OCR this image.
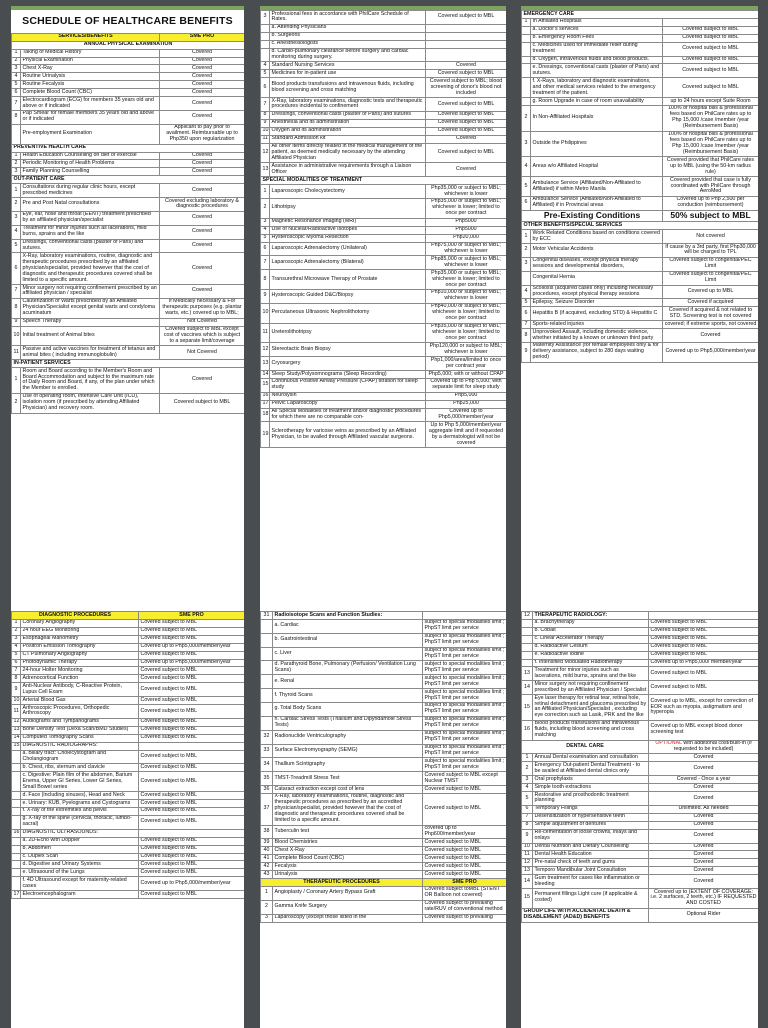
SCHEDULE OF HEALTHCARE BENEFITS
SERVICES/BENEFITS		SME PRO
ANNUAL PHYSICAL EXAMINATION		
1	Taking of Medical History	Covered
2	Physical Examination	Covered
3	Chest X-Ray	Covered
4	Routine Urinalysis	Covered
5	Routine Fecalysis	Covered
6	Complete Blood Count (CBC)	Covered
7	Electrocardiogram (ECG) for members 35 years old and above or if indicated	Covered
8	Pap Smear for female members 35 years old and above or if indicated	Covered
	Pre-employment Examination	Applicant to pay prior to availment. Reimbursable up to Php350 upon regularization
PREVENTIVE HEALTH CARE		
1	Health Education Counselling on diet or exercise	Covered
2	Periodic Monitoring of Health Problems	Covered
3	Family Planning Counselling	Covered
OUT-PATIENT CARE		
1	Consultations during regular clinic hours, except prescribed medicines	Covered
2	Pre and Post Natal consultations	Covered excluding laboratory & diagnostic procedures
3	Eye, ear, nose and throat (EENT) treatment prescribed by an affiliated physician/specialist	Covered
4	Treatment for minor injuries such as lacerations, mild burns, sprains and the like	Covered
5	Dressings, conventional casts (plaster of Paris) and sutures.	Covered
6	X-Ray, laboratory examinations, routine, diagnostic and therapeutic procedures prescribed by an affiliated physician/specialist, provided however that the cost of diagnostic and therapeutic procedures covered shall be limited to a specific amount.	Covered
7	Minor surgery not requiring confinement prescribed by an affiliated physician / specialist	Covered
8	Cauterization of Warts prescribed by an Affiliated Physician/Specialist except genital warts and condyloma acuminatum	If Medically necessary & For therapeutic purposes (e.g. plantar warts, etc.) covered up to MBL;
9	Speech Therapy	Not Covered
10	Initial treatment of Animal bites	Covered subject to MBL except cost of vaccines which is subject to a separate limit/coverage
11	Passive and active vaccines for treatment of tetanus and animal bites ( including immunoglobulin)	Not Covered
IN-PATIENT SERVICES		
1	Room and Board according to the Member's Room and Board Accommodation and subject to the maximum rate of Daily Room and Board, if any, of the plan under which the Member is enrolled.	Covered
2	Use of operating room, Intensive Care Unit (ICU), isolation room (if prescribed by attending Affiliated Physician) and recovery room.	Covered subject to MBL
3	Professional fees in accordance with PhilCare Schedule of Rates.	Covered subject to MBL
	a. Attending Physicians	
	b. Surgeons	
	c. Anesthesiologists	
	d. Cardio-pulmonary clearance before surgery and cardiac monitoring during surgery.	
4	Standard Nursing Services	Covered
5	Medicines for in-patient use	Covered subject to MBL
6	Blood products transfusions and intravenous fluids, including blood screening and cross matching	Covered subject to MBL; blood screening of donor's blood not included
7	X-Ray, laboratory examinations, diagnostic tests and therapeutic procedures incidental to confinement	Covered subject to MBL
8	Dressings, conventional casts (plaster of Paris) and sutures	Covered subject to MBL
9	Anesthesia and its administration	Covered subject to MBL
10	Oxygen and its administration	Covered subject to MBL
11	Standard Admission kit	Covered
12	All other items directly related in the medical management of the patient, as deemed medically necessary by the attending Affiliated Physician	Covered subject to MBL
13	Assistance in administrative requirements through a Liaison Officer	Covered
SPECIAL MODALITIES OF TREATMENT		
1	Laparoscopic Cholecystectomy	Php35,000 or subject to MBL; whichever is lower
2	Lithotripsy	Php35,000 or subject to MBL; whichever is lower; limited to once per contract
3	Magnetic Resonance Imaging (MRI)	Php5000
4	Use of Nuclear/Radioactive Isotopes	Php5000
5	Hysteroscopic Myoma Resection	Php20,000
6	Laparoscopic Adrenalectomy (Unilateral)	Php75,000 or subject to MBL; whichever is lower
7	Laparoscopic Adrenalectomy (Bilateral)	Php85,000 or subject to MBL; whichever is lower
8	Transurethral Microwave Therapy of Prostate	Php35,000 or subject to MBL; whichever is lower; limited to once per contract
9	Hysteroscopic Guided D&C/Biopsy	Php10,000 or subject to MBL; whichever is lower
10	Percutaneous Ultrasonic Nephrolithotomy	Php40,000 or subject to MBL; whichever is lower; limited to once per contract
11	Ureterolithotripsy	Php35,000 or subject to MBL; whichever is lower; limited to once per contract
12	Stereotactic Brain Biopsy	Php120,000 or subject to MBL; whichever is lower
13	Cryosurgery	Php1,000/area/limited to once per contract year
14	Sleep Study/Polysomnograms (Sleep Recording)	Php5,000; with or without CPAP
15	Continuous Positive Airway Pressure (CPAP) titration for sleep study	Covered up to Php 5,000; with separate limit for sleep study
16	Neurolysin	Php5,000
17	Pelvic Laparoscopy	Php25,000
18	All Special Modalities of treatment and/or diagnostic procedures for which there are no comparable con-	Covered up to Php5,000/member/year
19	Sclerotherapy for varicose veins as prescribed by an Affiliated Physician, to be availed through Affiliated vascular surgeons.	Up to Php 5,000/member/year aggregate limit and if requested by a dermatologist will not be covered
EMERGENCY CARE		
1	In Affiliated Hospitals	
	a. Doctor's services	Covered subject to MBL
	b. Emergency Room Fees	Covered subject to MBL
	c. Medicines used for immediate relief during treatment	Covered subject to MBL
	d. Oxygen, Intravenous fluids and blood products.	Covered subject to MBL
	e. Dressings, conventional casts (plaster of Paris) and sutures.	Covered subject to MBL
	f. X-Rays, laboratory and diagnostic examinations, and other medical services related to the emergency treatment of the patient.	Covered subject to MBL
	g. Room Upgrade in case of room unavailability	up to 24 hours except Suite Room
2	In Non-Affiliated Hospitals	100% of hospital bills & professional fees based on PhilCare rates up to Php 15,000 /case /member /year (Reimbursement Basis)
3	Outside the Philippines	100% of hospital bills & professional fees based on PhilCare rates up to Php 15,000 /case /member /year (Reimbursement Basis)
4	Areas w/o Affiliated Hospital	Covered provided that PhilCare rates up to MBL (using the 50-km radius rule)
5	Ambulance Service (Affiliated/Non-Affiliated to Affiliated) if within Metro Manila	Covered provided that case is fully coordinated with PhilCare through AeroMed
6	Ambulance Service (Affiliated/Non-Affiliated to Affiliated) if in Provincial areas	Covered up to Php 2,500 per conduction (reimbursement)
Pre-Existing Conditions		50% subject to MBL
OTHER BENEFITS/SPECIAL SERVICES		
1	Work Related Conditions based on conditions covered by ECC	Not covered
2	Motor Vehicular Accidents	If cause by a 3rd party, first Php30,000 will be charged to TPL
3	Congenital diseases, except physical therapy sessions and developmental disorders,	Covered subject to congenital/PEC Limit
	Congenital Hernia	Covered subject to congenital/PEC Limit
4	Scoliosis (acquired cases only) including necessary procedures, except physical therapy sessions	Covered up to MBL
5	Epilepsy, Seizure Disorder	Covered if acquired
6	Hepatitis B (if acquired, excluding STD) & Hepatitis C	Covered if acquired & not related to STD. Screening test is not covered
7	Sports-related injuries	covered; if extreme sports, not covered
8	Unprovoked Assault, including domestic violence, whether initiated by a known or unknown third party	Covered
9	Maternity Assistance (for female employees only & for delivery assistance, subject to 280 days waiting period)	Covered up to Php5,000/member/year
DIAGNOSTIC PROCEDURES		SME PRO
1	Coronary Angiography	Covered subject to MBL
2	24 hour EEG Monitoring	Covered subject to MBL
3	Esophageal Manometry	Covered subject to MBL
4	Positron Emission Tomography	Covered up to Php5,000/member/year
5	CT Pulmonary Angiography	Covered subject to MBL
6	Photodynamic Therapy	Covered up to Php5,000/member/year
7	24-hour Holter Monitoring	Covered subject to MBL
8	Adrenocortical Function	Covered subject to MBL
9	Anti-Nuclear Antibody, C-Reactive Protein, Lupus Cell Exam	Covered subject to MBL
10	Arterial Blood Gas	Covered subject to MBL
11	Arthroscopic Procedures, Orthopedic Arthroscopy	Covered subject to MBL
12	Audiograms and Tympanograms	Covered subject to MBL
13	Bone Density Test (Dexa Scan/BMD Studies)	Covered subject to MBL
14	Computed Tomography Scans	Covered subject to MBL
15	DIAGNOSTIC RADIOGRAPHS:	
	a. Biliary tract: Cholecystogram and Cholangiogram	Covered subject to MBL
	b. Chest, ribs, sternum and clavicle	Covered subject to MBL
	c. Digestive: Plain film of the abdomen, Barium Enema, Upper GI Series, Lower GI Series, Small Bowel series	Covered subject to MBL
	d. Face (including sinuses), Head and Neck	Covered subject to MBL
	e. Urinary: KUB, Pyelograms and Cystograms	Covered subject to MBL
	f. X-ray of the extremities and pelvis	Covered subject to MBL
	g. X-ray of the spine (cervical, thoracic, lumbo-sacral)	Covered subject to MBL
16	DIAGNOSTIC ULTRASOUNDS:	
	a. 2D-Echo with Doppler	Covered subject to MBL
	b. Abdomen	Covered subject to MBL
	c. Duplex Scan	Covered subject to MBL
	d. Digestive and Urinary Systems	Covered subject to MBL
	e. Ultrasound of the Lungs	Covered subject to MBL
	f. 4D Ultrasound except for maternity-related cases	Covered up to Php5,000/member/year
17	Electroencephalogram	Covered subject to MBL
31	Radioisotope Scans and Function Studies:	
	a. Cardiac	subject to special modalities limit ; PhpST limit per service
	b. Gastrointestinal	subject to special modalities limit ; PhpST limit per service
	c. Liver	subject to special modalities limit ; PhpST limit per service
	d. Parathyroid Bone, Pulmonary (Perfusion/ Ventilation Lung Scans)	subject to special modalities limit ; PhpST limit per service
	e. Renal	subject to special modalities limit ; PhpST limit per service
	f. Thyroid Scans	subject to special modalities limit ; PhpST limit per service
	g. Total Body Scans	subject to special modalities limit ; PhpST limit per service
	h. Cardiac Stress Tests (Thallium and Dipyridamole Stress Tests)	subject to special modalities limit ; PhpST limit per service
32	Radionuclide Ventriculography	subject to special modalities limit ; PhpST limit per service
33	Surface Electromyography (SEMG)	subject to special modalities limit ; PhpST limit per service
34	Thallium Scintigraphy	subject to special modalities limit ; PhpST limit per service
35	TMST-Treadmill Stress Test	Covered subject to MBL except Nuclear TMST
36	Cataract extraction except cost of lens	Covered subject to MBL
37	X-Ray, laboratory examinations, routine, diagnostic and therapeutic procedures as prescribed by an accredited physician/specialist, provided however that the cost of diagnostic and therapeutic procedures covered shall be limited to a specific amount.	Covered subject to MBL
38	Tuberculin test	covered up to Php600/member/year
39	Blood Chemistries	Covered subject to MBL
40	Chest X-Ray	Covered subject to MBL
41	Complete Blood Count (CBC)	Covered subject to MBL
42	Fecalysis	Covered subject to MBL
43	Urinalysis	Covered subject to MBL
THERAPEUTIC PROCEDURES		SME PRO
1	Angioplasty / Coronary Artery Bypass Graft	Covered subject toMBL (STENT OR Balloon not covered)
2	Gamma Knife Surgery	Covered subject to prevailing rate/RUV of conventional method
3	Laparoscopy (except those listed in the	Covered subject to prevailing
12	THERAPEUTIC RADIOLOGY:	
	a. Brachytherapy	Covered subject to MBL
	b. Cobalt	Covered subject to MBL
	c. Linear Accelerator Therapy	Covered subject to MBL
	d. Radioactive Cesium	Covered subject to MBL
	e. Radioactive Iodine	Covered subject to MBL
	f. Intensified Modulated Radiotherapy	Covered up to Php5,000/ member/year
13	Treatment for minor injuries such as lacerations, mild burns, sprains and the like	Covered subject to MBL
14	Minor surgery not requiring confinement prescribed by an Affiliated Physician / Specialist	Covered subject to MBL
15	Eye laser therapy for retinal tear, retinal hole, retinal detachment and glaucoma prescribed by an Affiliated Physician/Specialist , excluding eye correction such as Lasik, PRK and the like	Covered up to MBL, except for correction of EOR such as myopia, astigmatism and hyperopia
16	Blood products transfusions and intravenous fluids, including blood screening and cross matching	Covered up to MBL except blood donor screening test
DENTAL CARE		OPTIONAL with additional cost/Built-in (if requested to be included)
1	Annual Dental examination and consultation	Covered
2	Emergency Out-patient Dental Treatment - to be availed at Affiliated dental clinics only	Covered
3	Oral prophylaxis	Covered - Once a year
4	Simple tooth extractions	Covered
5	Restorative and prosthodontic treatment planning	Covered
6	Temporary Fillings	Unlimited. As needed
7	Desensitization of hypersensitive teeth	Covered
8	Simple adjustment of dentures	Covered
9	Re-cementation of loose crowns, inlays and onlays	Covered
10	Dental Nutrition and Dietary Counselling	Covered
11	Dental Health Education	Covered
12	Pre-natal check of teeth and gums	Covered
13	Temporo Mandibular Joint Consultation	Covered
14	Gum treatment for cases like inflammation or bleeding	Covered
15	Permanent fillings Light cure (if applicable & costed)	Covered up to (EXTENT OF COVERAGE: i.e. 2 surfaces, 2 teeth, etc.) IF REQUESTED AND COSTED
GROUP LIFE WITH ACCIDENTAL DEATH & DISABLEMENT (AD&D) BENEFITS		Optional Rider
